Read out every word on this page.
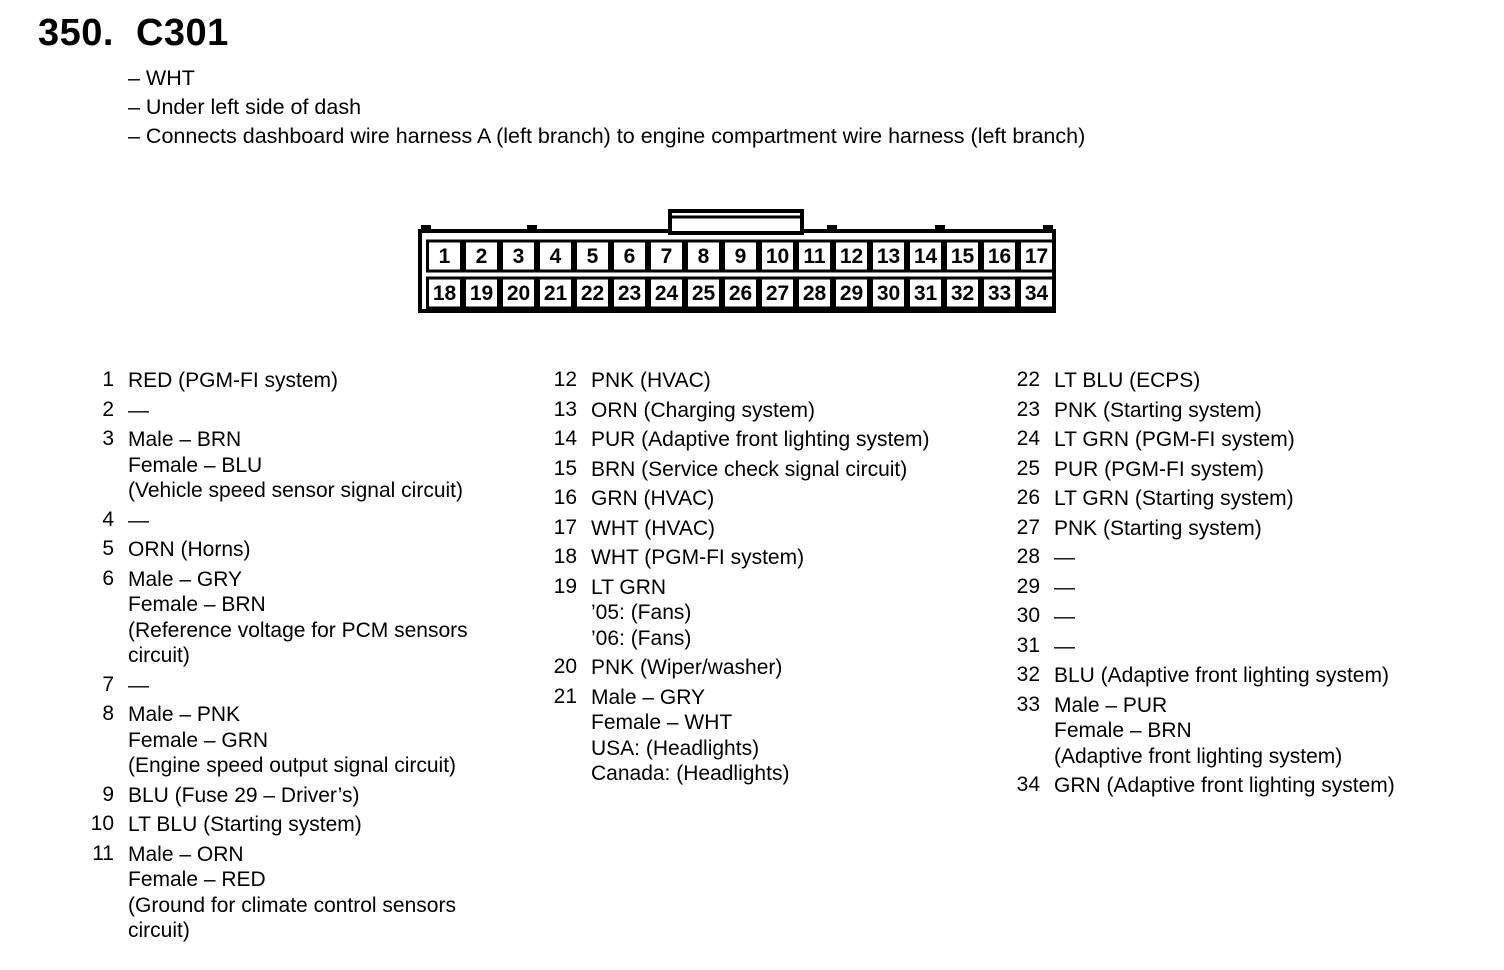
350. C301
– WHT
– Under left side of dash
– Connects dashboard wire harness A (left branch) to engine compartment wire harness (left branch)
1 2 3 4 5 6 7 8 9 10 11 12 13 14 15 16 17
18 19 20 21 22 23 24 25 26 27 28 29 30 31 32 33 34
1 RED (PGM-FI system)
2 —
3 Male – BRN
Female – BLU
(Vehicle speed sensor signal circuit)
4 —
5 ORN (Horns)
6 Male – GRY
Female – BRN
(Reference voltage for PCM sensors
circuit)
7 —
8 Male – PNK
Female – GRN
(Engine speed output signal circuit)
9 BLU (Fuse 29 – Driver’s)
10 LT BLU (Starting system)
11 Male – ORN
Female – RED
(Ground for climate control sensors
circuit)
12 PNK (HVAC)
13 ORN (Charging system)
14 PUR (Adaptive front lighting system)
15 BRN (Service check signal circuit)
16 GRN (HVAC)
17 WHT (HVAC)
18 WHT (PGM-FI system)
19 LT GRN
’05: (Fans)
’06: (Fans)
20 PNK (Wiper/washer)
21 Male – GRY
Female – WHT
USA: (Headlights)
Canada: (Headlights)
22 LT BLU (ECPS)
23 PNK (Starting system)
24 LT GRN (PGM-FI system)
25 PUR (PGM-FI system)
26 LT GRN (Starting system)
27 PNK (Starting system)
28 —
29 —
30 —
31 —
32 BLU (Adaptive front lighting system)
33 Male – PUR
Female – BRN
(Adaptive front lighting system)
34 GRN (Adaptive front lighting system)
